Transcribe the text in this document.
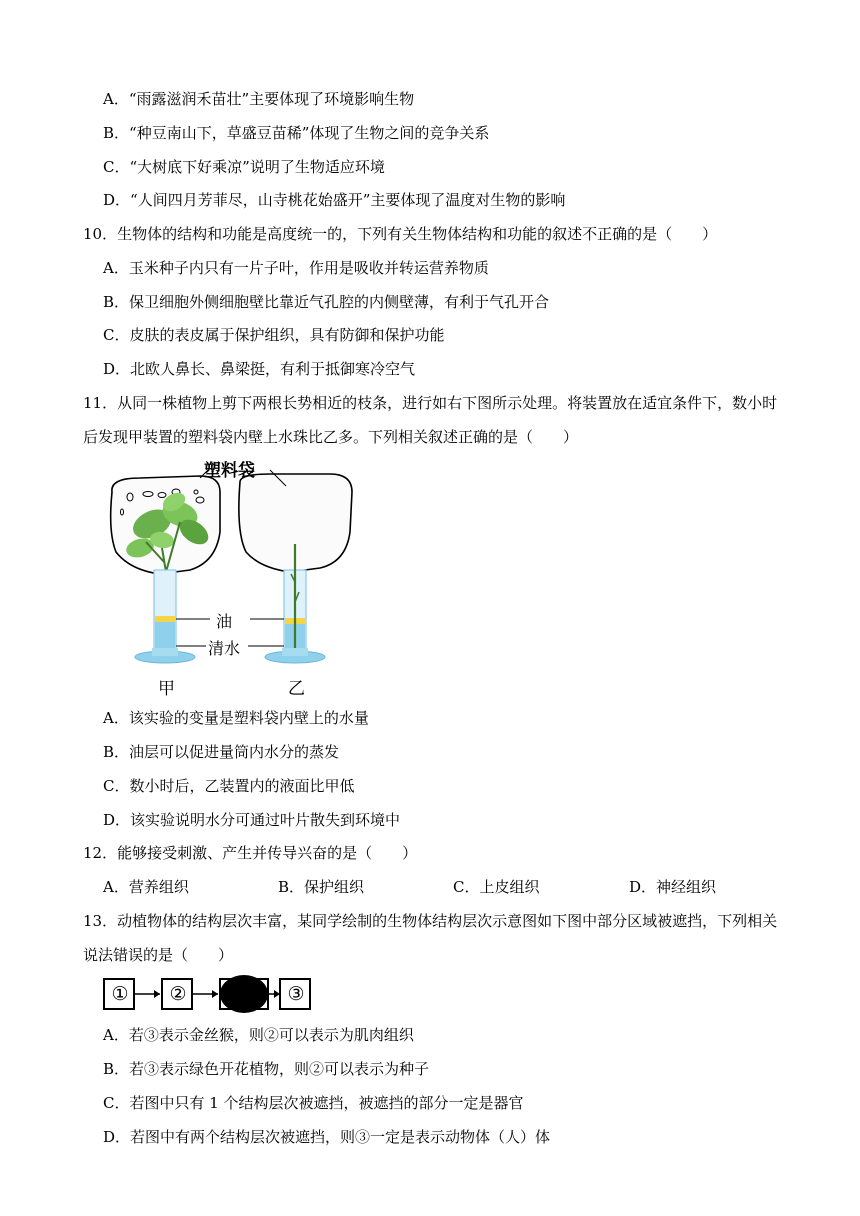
A．“雨露滋润禾苗壮”主要体现了环境影响生物
B．“种豆南山下，草盛豆苗稀”体现了生物之间的竞争关系
C．“大树底下好乘凉”说明了生物适应环境
D．“人间四月芳菲尽，山寺桃花始盛开”主要体现了温度对生物的影响
10．生物体的结构和功能是高度统一的，下列有关生物体结构和功能的叙述不正确的是（　　）
A．玉米种子内只有一片子叶，作用是吸收并转运营养物质
B．保卫细胞外侧细胞壁比靠近气孔腔的内侧壁薄，有利于气孔开合
C．皮肤的表皮属于保护组织，具有防御和保护功能
D．北欧人鼻长、鼻梁挺，有利于抵御寒冷空气
11．从同一株植物上剪下两根长势相近的枝条，进行如右下图所示处理。将装置放在适宜条件下，数小时
后发现甲装置的塑料袋内壁上水珠比乙多。下列相关叙述正确的是（　　）
塑料袋
油
清水
甲	乙
A．该实验的变量是塑料袋内壁上的水量
B．油层可以促进量筒内水分的蒸发
C．数小时后，乙装置内的液面比甲低
D．该实验说明水分可通过叶片散失到环境中
12．能够接受刺激、产生并传导兴奋的是（　　）
A．营养组织	B．保护组织	C．上皮组织	D．神经组织
13．动植物体的结构层次丰富，某同学绘制的生物体结构层次示意图如下图中部分区域被遮挡，下列相关
说法错误的是（　　）
① ②	③
A．若③表示金丝猴，则②可以表示为肌肉组织
B．若③表示绿色开花植物，则②可以表示为种子
C．若图中只有 1 个结构层次被遮挡，被遮挡的部分一定是器官
D．若图中有两个结构层次被遮挡，则③一定是表示动物体（人）体
